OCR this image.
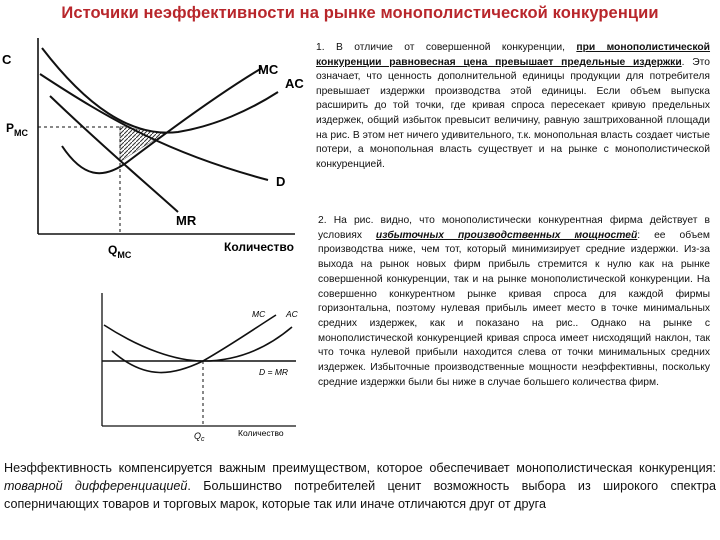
Источики неэффективности на рынке монополистической конкуренции
C
$P_{MC}$
MC
AC
D
MR
$Q_{MC}$
Количество
MC AC
D = MR
$Q_c$
Количество
1. В отличие от совершенной конкуренции, при монополистической конкуренции равновесная цена превышает предельные издержки. Это означает, что ценность дополнительной единицы продукции для потребителя превышает издержки производства этой единицы. Если объем выпуска расширить до той точки, где кривая спроса пересекает кривую предельных издержек, общий избыток превысит величину, равную заштрихованной площади на рис. В этом нет ничего удивительного, т.к. монопольная власть создает чистые потери, а монопольная власть существует и на рынке с монополистической конкуренцией.
2. На рис. видно, что монополистически конкурентная фирма действует в условиях избыточных производственных мощностей: ее объем производства ниже, чем тот, который минимизирует средние издержки. Из-за выхода на рынок новых фирм прибыль стремится к нулю как на рынке совершенной конкуренции, так и на рынке монополистической конкуренции. На совершенно конкурентном рынке кривая спроса для каждой фирмы горизонтальна, поэтому нулевая прибыль имеет место в точке минимальных средних издержек, как и показано на рис.. Однако на рынке с монополистической конкуренцией кривая спроса имеет нисходящий наклон, так что точка нулевой прибыли находится слева от точки минимальных средних издержек. Избыточные производственные мощности неэффективны, поскольку средние издержки были бы ниже в случае большего количества фирм.
Неэффективность компенсируется важным преимуществом, которое обеспечивает монополистическая конкуренция: товарной дифференциацией. Большинство потребителей ценит возможность выбора из широкого спектра соперничающих товаров и торговых марок, которые так или иначе отличаются друг от друга
